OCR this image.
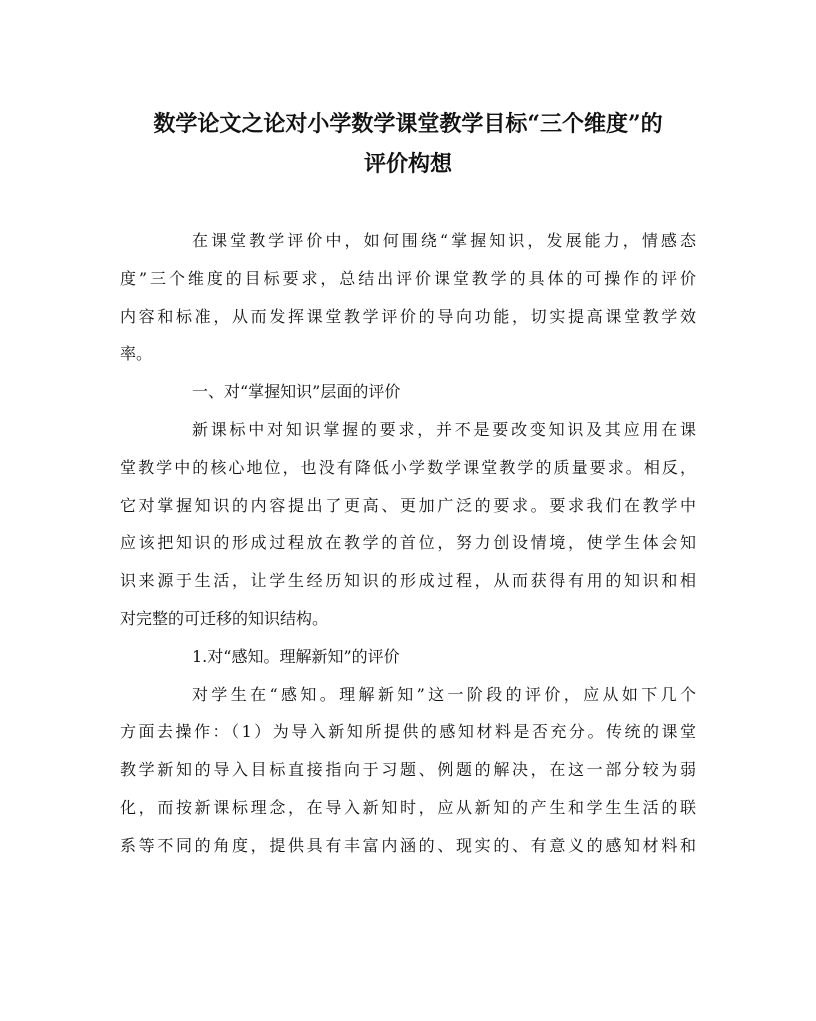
数学论文之论对小学数学课堂教学目标“三个维度”的
评价构想
在课堂教学评价中，如何围绕“掌握知识，发展能力，情感态
度”三个维度的目标要求，总结出评价课堂教学的具体的可操作的评价
内容和标准，从而发挥课堂教学评价的导向功能，切实提高课堂教学效
率。
一、对“掌握知识”层面的评价
新课标中对知识掌握的要求，并不是要改变知识及其应用在课
堂教学中的核心地位，也没有降低小学数学课堂教学的质量要求。相反，
它对掌握知识的内容提出了更高、更加广泛的要求。要求我们在教学中
应该把知识的形成过程放在教学的首位，努力创设情境，使学生体会知
识来源于生活，让学生经历知识的形成过程，从而获得有用的知识和相
对完整的可迁移的知识结构。
1.对“感知。理解新知”的评价
对学生在“感知。理解新知”这一阶段的评价，应从如下几个
方面去操作：（1）为导入新知所提供的感知材料是否充分。传统的课堂
教学新知的导入目标直接指向于习题、例题的解决，在这一部分较为弱
化，而按新课标理念，在导入新知时，应从新知的产生和学生生活的联
系等不同的角度，提供具有丰富内涵的、现实的、有意义的感知材料和
